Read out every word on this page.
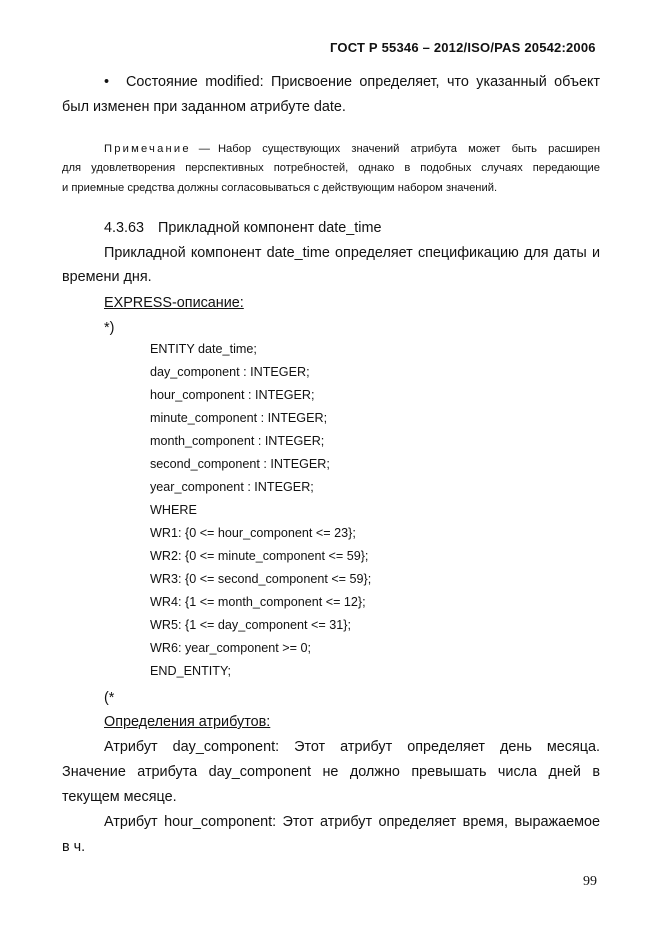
ГОСТ Р 55346 – 2012/ISO/PAS 20542:2006
• Состояние modified: Присвоение определяет, что указанный объект
был изменен при заданном атрибуте date.
Примечание — Набор существующих значений атрибута может быть расширен
для удовлетворения перспективных потребностей, однако в подобных случаях передающие
и приемные средства должны согласовываться с действующим набором значений.
4.3.63 Прикладной компонент date_time
Прикладной компонент date_time определяет спецификацию для даты и
времени дня.
EXPRESS-описание:
*)
ENTITY date_time;
day_component : INTEGER;
hour_component : INTEGER;
minute_component : INTEGER;
month_component : INTEGER;
second_component : INTEGER;
year_component : INTEGER;
WHERE
WR1: {0 <= hour_component <= 23};
WR2: {0 <= minute_component <= 59};
WR3: {0 <= second_component <= 59};
WR4: {1 <= month_component <= 12};
WR5: {1 <= day_component <= 31};
WR6: year_component >= 0;
END_ENTITY;
(*
Определения атрибутов:
Атрибут day_component: Этот атрибут определяет день месяца.
Значение атрибута day_component не должно превышать числа дней в
текущем месяце.
Атрибут hour_component: Этот атрибут определяет время, выражаемое
в ч.
99
